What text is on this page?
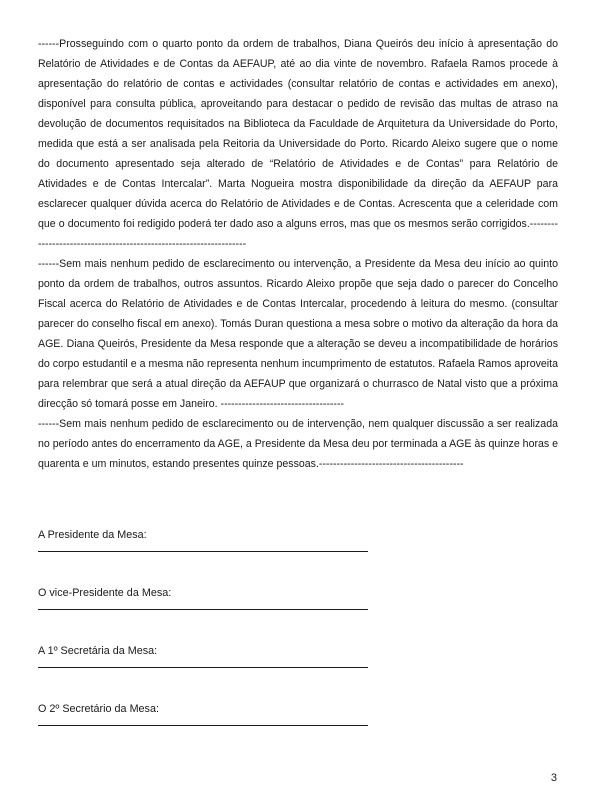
------Prosseguindo com o quarto ponto da ordem de trabalhos, Diana Queirós deu início à apresentação do Relatório de Atividades e de Contas da AEFAUP, até ao dia vinte de novembro. Rafaela Ramos procede à apresentação do relatório de contas e actividades (consultar relatório de contas e actividades em anexo), disponível para consulta pública, aproveitando para destacar o pedido de revisão das multas de atraso na devolução de documentos requisitados na Biblioteca da Faculdade de Arquitetura da Universidade do Porto, medida que está a ser analisada pela Reitoria da Universidade do Porto. Ricardo Aleixo sugere que o nome do documento apresentado seja alterado de “Relatório de Atividades e de Contas” para Relatório de Atividades e de Contas Intercalar”. Marta Nogueira mostra disponibilidade da direção da AEFAUP para esclarecer qualquer dúvida acerca do Relatório de Atividades e de Contas. Acrescenta que a celeridade com que o documento foi redigido poderá ter dado aso a alguns erros, mas que os mesmos serão corrigidos.-------------------------------------------------------------------

------Sem mais nenhum pedido de esclarecimento ou intervenção, a Presidente da Mesa deu início ao quinto ponto da ordem de trabalhos, outros assuntos. Ricardo Aleixo propõe que seja dado o parecer do Concelho Fiscal acerca do Relatório de Atividades e de Contas Intercalar, procedendo à leitura do mesmo. (consultar parecer do conselho fiscal em anexo). Tomás Duran questiona a mesa sobre o motivo da alteração da hora da AGE. Diana Queirós, Presidente da Mesa responde que a alteração se deveu a incompatibilidade de horários do corpo estudantil e a mesma não representa nenhum incumprimento de estatutos. Rafaela Ramos aproveita para relembrar que será a atual direção da AEFAUP que organizará o churrasco de Natal visto que a próxima direcção só tomará posse em Janeiro. -----------------------------------

------Sem mais nenhum pedido de esclarecimento ou de intervenção, nem qualquer discussão a ser realizada no período antes do encerramento da AGE, a Presidente da Mesa deu por terminada a AGE às quinze horas e quarenta e um minutos, estando presentes quinze pessoas.-----------------------------------------

A Presidente da Mesa:
O vice-Presidente da Mesa:
A 1º Secretária da Mesa:
O 2º Secretário da Mesa:
3
